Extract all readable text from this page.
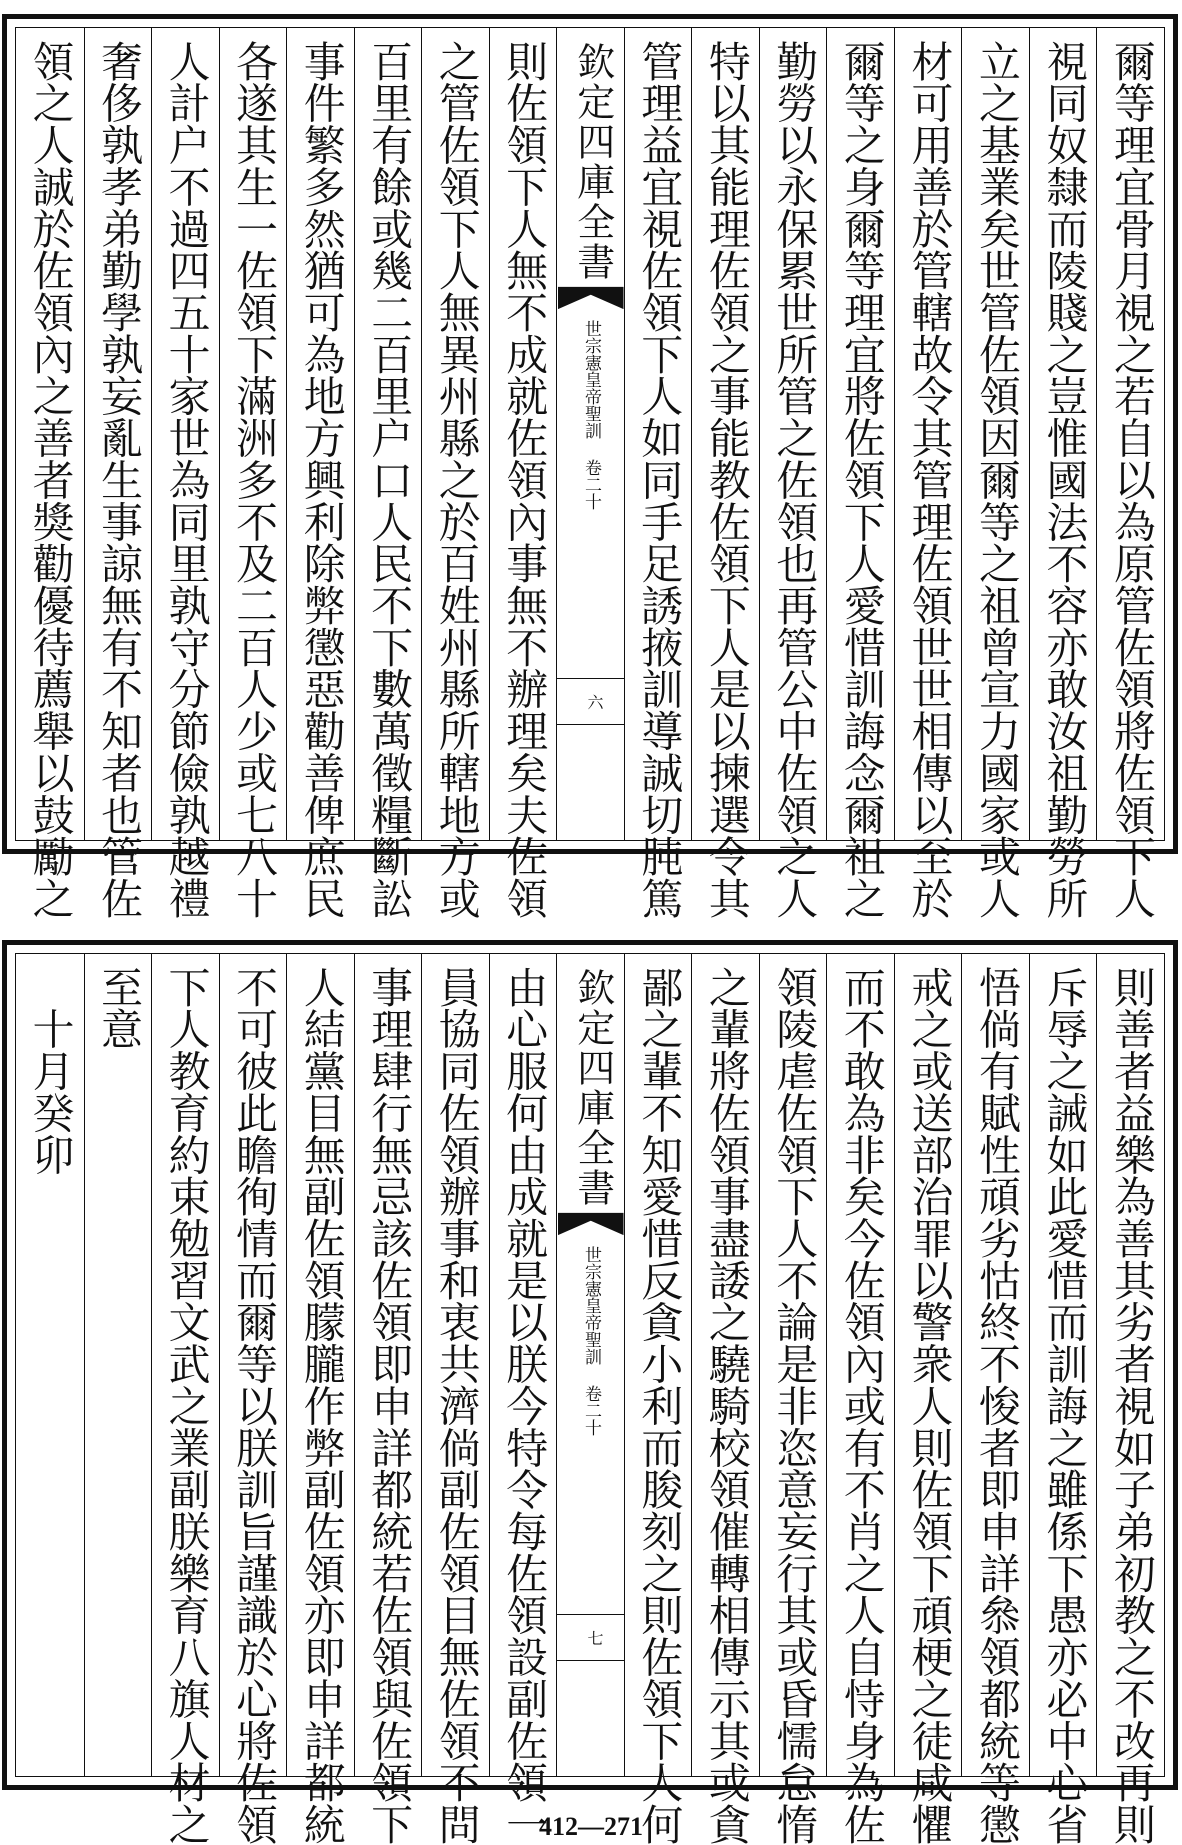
爾等理宜骨月視之若自以為原管佐領將佐領下人
視同奴隸而陵賤之豈惟國法不容亦敢汝祖勤勞所
立之基業矣世管佐領因爾等之祖曾宣力國家或人
材可用善於管轄故令其管理佐領世世相傳以至於
爾等之身爾等理宜將佐領下人愛惜訓誨念爾祖之
勤勞以永保累世所管之佐領也再管公中佐領之人
特以其能理佐領之事能教佐領下人是以揀選令其
管理益宜視佐領下人如同手足誘掖訓導誠切肫篤
欽定四庫全書
世宗憲皇帝聖訓 卷二十
六
則佐領下人無不成就佐領內事無不辦理矣夫佐領
之管佐領下人無異州縣之於百姓州縣所轄地方或
百里有餘或幾二百里户口人民不下數萬徵糧斷訟
事件繁多然猶可為地方興利除弊懲惡勸善俾庶民
各遂其生一佐領下滿洲多不及二百人少或七八十
人計户不過四五十家世為同里孰守分節儉孰越禮
奢侈孰孝弟勤學孰妄亂生事諒無有不知者也管佐
領之人誠於佐領內之善者獎勸優待薦舉以鼓勵之
則善者益樂為善其劣者視如子弟初教之不改再則
斥辱之誡如此愛惜而訓誨之雖係下愚亦必中心省
悟倘有賦性頑劣怙終不悛者即申詳叅領都統等懲
戒之或送部治罪以警衆人則佐領下頑梗之徒咸懼
而不敢為非矣今佐領內或有不肖之人自恃身為佐
領陵虐佐領下人不論是非恣意妄行其或昏懦怠惰
之輩將佐領事盡諉之驍騎校領催轉相傳示其或貪
鄙之輩不知愛惜反貪小利而朘刻之則佐領下人何
欽定四庫全書
世宗憲皇帝聖訓 卷二十
七
由心服何由成就是以朕今特令每佐領設副佐領一
員協同佐領辦事和衷共濟倘副佐領目無佐領不問
事理肆行無忌該佐領即申詳都統若佐領與佐領下
人結黨目無副佐領朦朧作弊副佐領亦即申詳都統
不可彼此瞻徇情而爾等以朕訓旨謹識於心將佐領
下人教育約束勉習文武之業副朕樂育八旗人材之
至意
　十月癸卯
412—271
